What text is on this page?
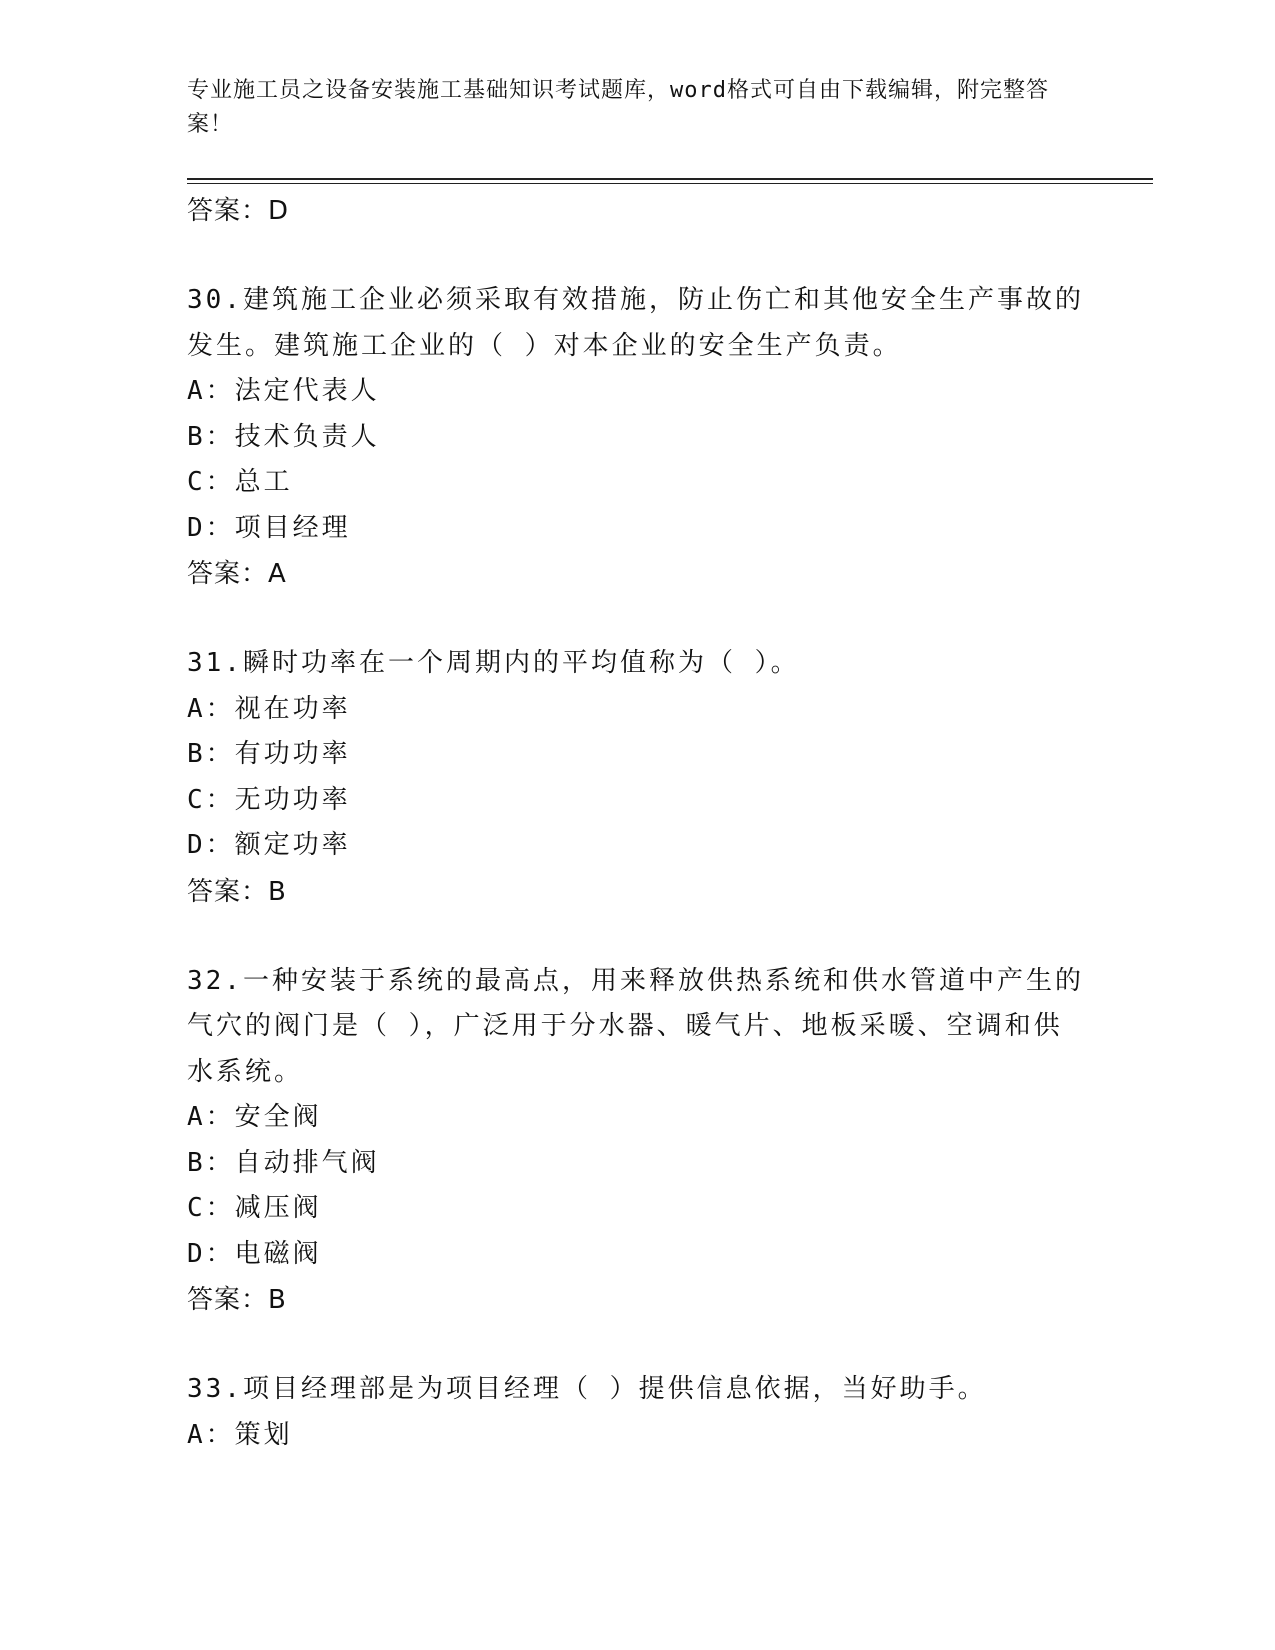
专业施工员之设备安装施工基础知识考试题库，word格式可自由下载编辑，附完整答案！
答案：D
30.建筑施工企业必须采取有效措施，防止伤亡和其他安全生产事故的发生。建筑施工企业的（ ）对本企业的安全生产负责。
A：法定代表人
B：技术负责人
C：总工
D：项目经理
答案：A
31.瞬时功率在一个周期内的平均值称为（ ）。
A：视在功率
B：有功功率
C：无功功率
D：额定功率
答案：B
32.一种安装于系统的最高点，用来释放供热系统和供水管道中产生的气穴的阀门是（ ），广泛用于分水器、暖气片、地板采暖、空调和供水系统。
A：安全阀
B：自动排气阀
C：减压阀
D：电磁阀
答案：B
33.项目经理部是为项目经理（ ）提供信息依据，当好助手。
A：策划
